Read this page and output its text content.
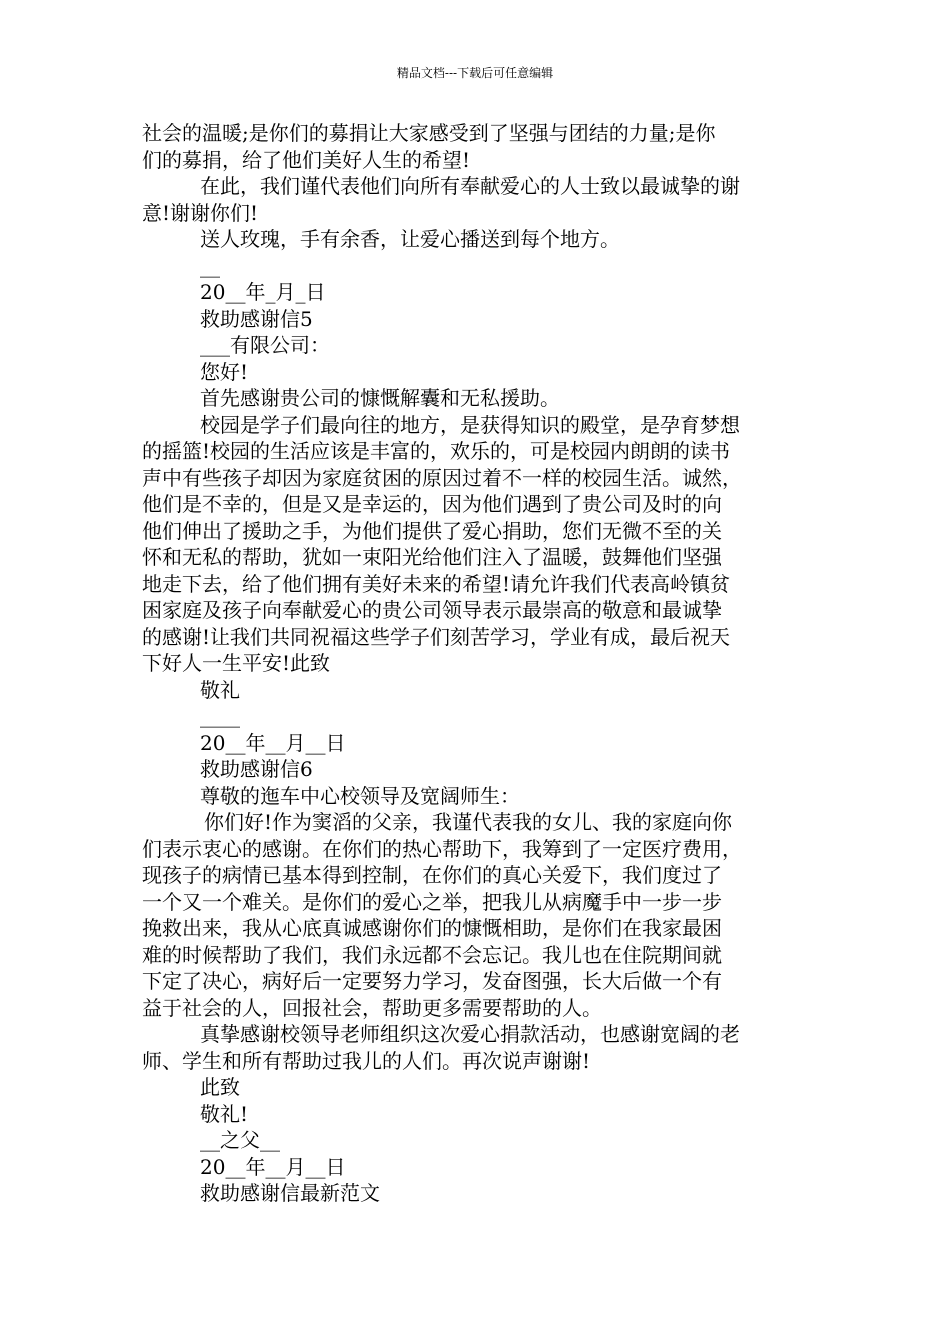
精品文档---下载后可任意编辑
社会的温暖;是你们的募捐让大家感受到了坚强与团结的力量;是你
们的募捐，给了他们美好人生的希望!
在此，我们谨代表他们向所有奉献爱心的人士致以最诚挚的谢
意!谢谢你们!
送人玫瑰，手有余香，让爱心播送到每个地方。
__
20__年_月_日
救助感谢信5
___有限公司：
您好!
首先感谢贵公司的慷慨解囊和无私援助。
校园是学子们最向往的地方，是获得知识的殿堂，是孕育梦想
的摇篮!校园的生活应该是丰富的，欢乐的，可是校园内朗朗的读书
声中有些孩子却因为家庭贫困的原因过着不一样的校园生活。诚然，
他们是不幸的，但是又是幸运的，因为他们遇到了贵公司及时的向
他们伸出了援助之手，为他们提供了爱心捐助，您们无微不至的关
怀和无私的帮助，犹如一束阳光给他们注入了温暖，鼓舞他们坚强
地走下去，给了他们拥有美好未来的希望!请允许我们代表高岭镇贫
困家庭及孩子向奉献爱心的贵公司领导表示最崇高的敬意和最诚挚
的感谢!让我们共同祝福这些学子们刻苦学习，学业有成，最后祝天
下好人一生平安!此致
敬礼
____
20__年__月__日
救助感谢信6
尊敬的迤车中心校领导及宽阔师生：
你们好!作为窦滔的父亲，我谨代表我的女儿、我的家庭向你
们表示衷心的感谢。在你们的热心帮助下，我筹到了一定医疗费用，
现孩子的病情已基本得到控制，在你们的真心关爱下，我们度过了
一个又一个难关。是你们的爱心之举，把我儿从病魔手中一步一步
挽救出来，我从心底真诚感谢你们的慷慨相助，是你们在我家最困
难的时候帮助了我们，我们永远都不会忘记。我儿也在住院期间就
下定了决心，病好后一定要努力学习，发奋图强，长大后做一个有
益于社会的人，回报社会，帮助更多需要帮助的人。
真挚感谢校领导老师组织这次爱心捐款活动，也感谢宽阔的老
师、学生和所有帮助过我儿的人们。再次说声谢谢!
此致
敬礼!
__之父__
20__年__月__日
救助感谢信最新范文
